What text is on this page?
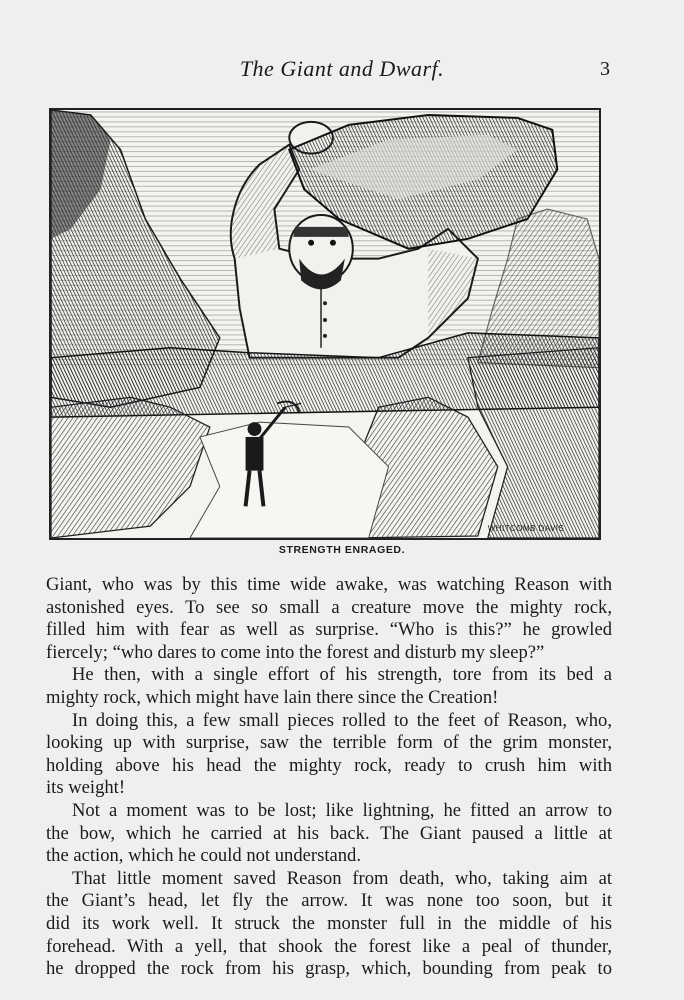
The Giant and Dwarf.	3
WHITCOMB DAVIS
STRENGTH ENRAGED.
Giant, who was by this time wide awake, was watching Reason with
astonished eyes. To see so small a creature move the mighty rock,
filled him with fear as well as surprise. “Who is this?” he growled
fiercely; “who dares to come into the forest and disturb my sleep?”
He then, with a single effort of his strength, tore from its bed a
mighty rock, which might have lain there since the Creation!
In doing this, a few small pieces rolled to the feet of Reason, who,
looking up with surprise, saw the terrible form of the grim monster,
holding above his head the mighty rock, ready to crush him with
its weight!
Not a moment was to be lost; like lightning, he fitted an arrow to
the bow, which he carried at his back. The Giant paused a little at
the action, which he could not understand.
That little moment saved Reason from death, who, taking aim at
the Giant’s head, let fly the arrow. It was none too soon, but it
did its work well. It struck the monster full in the middle of his
forehead. With a yell, that shook the forest like a peal of thunder,
he dropped the rock from his grasp, which, bounding from peak to
